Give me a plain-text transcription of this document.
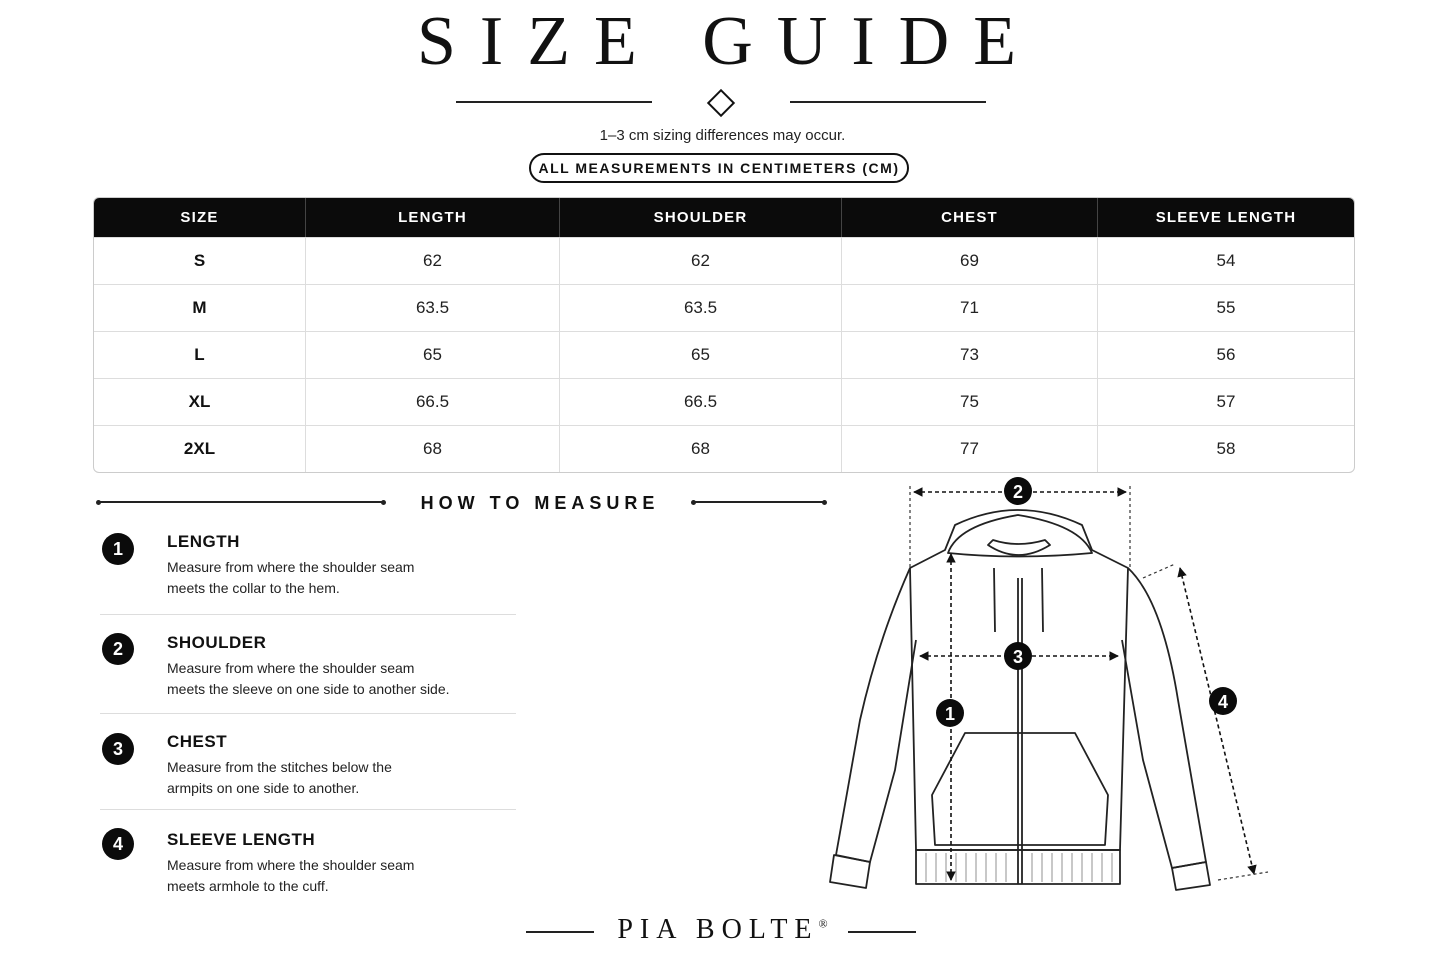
SIZE GUIDE
1–3 cm sizing differences may occur.
ALL MEASUREMENTS IN CENTIMETERS (CM)
SIZE	LENGTH	SHOULDER	CHEST	SLEEVE LENGTH
S	62	62	69	54
M	63.5	63.5	71	55
L	65	65	73	56
XL	66.5	66.5	75	57
2XL	68	68	77	58
HOW TO MEASURE
1	LENGTH
Measure from where the shoulder seam
meets the collar to the hem.
2	SHOULDER
Measure from where the shoulder seam
meets the sleeve on one side to another side.
3	CHEST
Measure from the stitches below the
armpits on one side to another.
4	SLEEVE LENGTH
Measure from where the shoulder seam
meets armhole to the cuff.
2
3
1
4
PIA BOLTE®
